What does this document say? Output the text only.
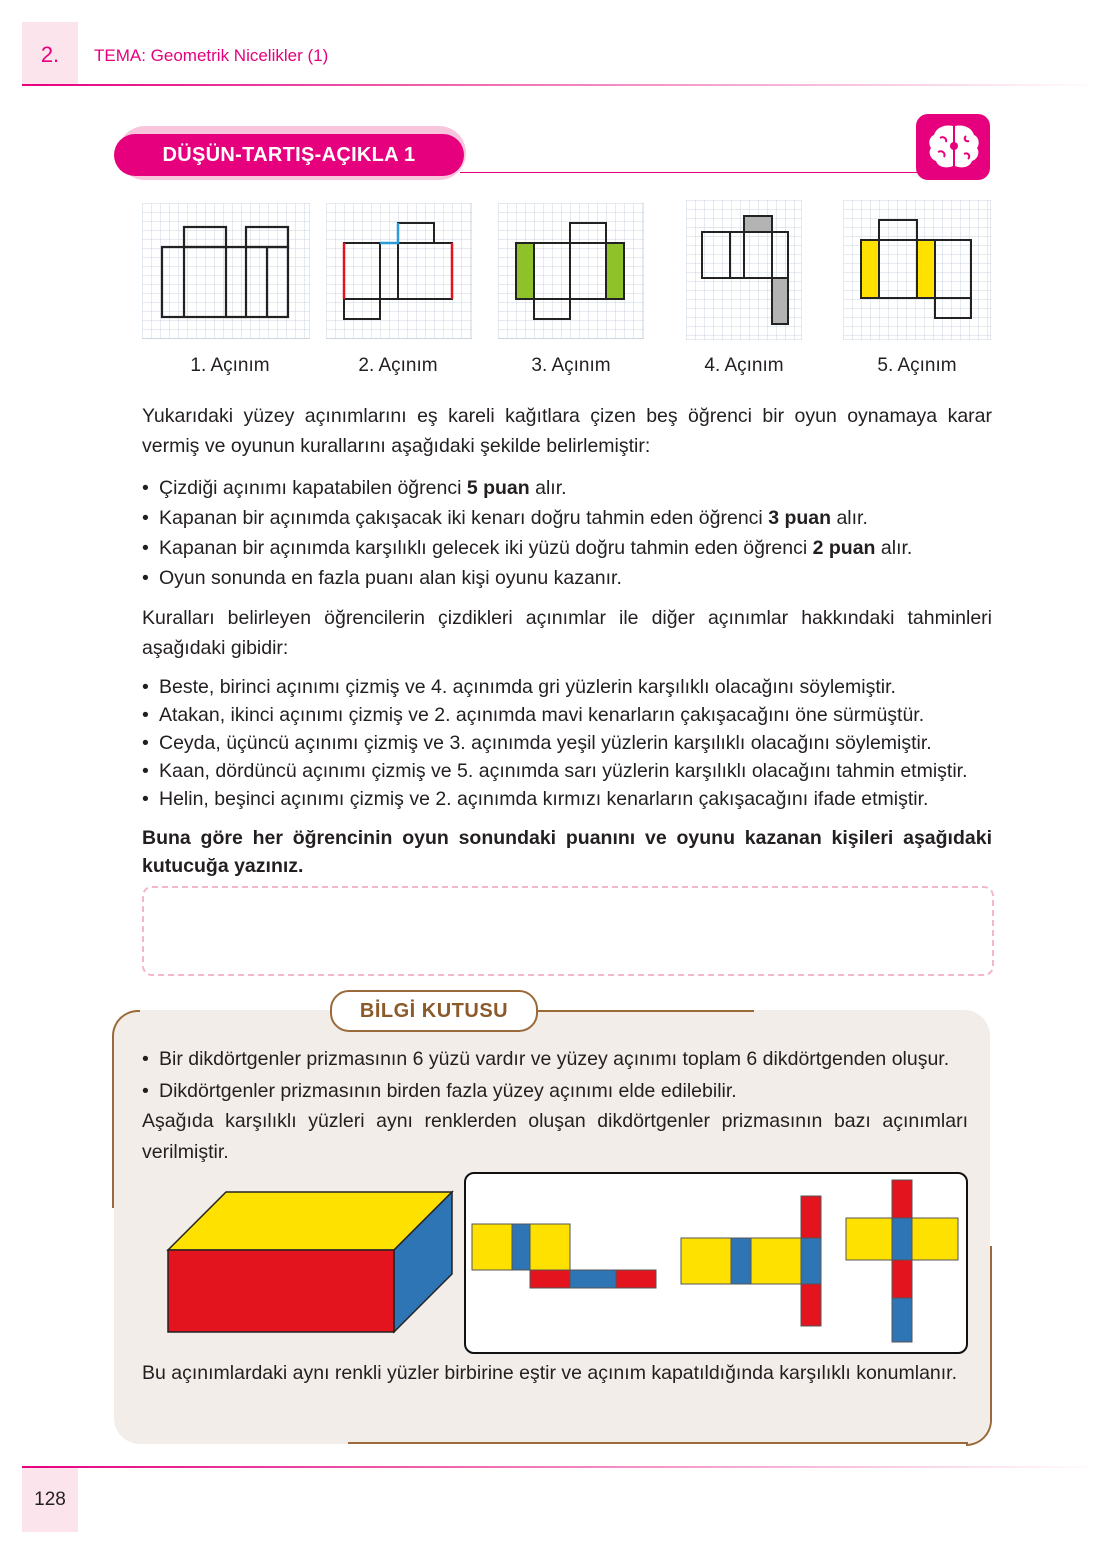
2.	TEMA: Geometrik Nicelikler (1)
DÜŞÜN-TARTIŞ-AÇIKLA 1
1. Açınım	2. Açınım	3. Açınım	4. Açınım	5. Açınım
Yukarıdaki yüzey açınımlarını eş kareli kağıtlara çizen beş öğrenci bir oyun oynamaya karar vermiş ve oyunun kurallarını aşağıdaki şekilde belirlemiştir:
• Çizdiği açınımı kapatabilen öğrenci 5 puan alır.
• Kapanan bir açınımda çakışacak iki kenarı doğru tahmin eden öğrenci 3 puan alır.
• Kapanan bir açınımda karşılıklı gelecek iki yüzü doğru tahmin eden öğrenci 2 puan alır.
• Oyun sonunda en fazla puanı alan kişi oyunu kazanır.
Kuralları belirleyen öğrencilerin çizdikleri açınımlar ile diğer açınımlar hakkındaki tahminleri aşağıdaki gibidir:
• Beste, birinci açınımı çizmiş ve 4. açınımda gri yüzlerin karşılıklı olacağını söylemiştir.
• Atakan, ikinci açınımı çizmiş ve 2. açınımda mavi kenarların çakışacağını öne sürmüştür.
• Ceyda, üçüncü açınımı çizmiş ve 3. açınımda yeşil yüzlerin karşılıklı olacağını söylemiştir.
• Kaan, dördüncü açınımı çizmiş ve 5. açınımda sarı yüzlerin karşılıklı olacağını tahmin etmiştir.
• Helin, beşinci açınımı çizmiş ve 2. açınımda kırmızı kenarların çakışacağını ifade etmiştir.
Buna göre her öğrencinin oyun sonundaki puanını ve oyunu kazanan kişileri aşağıdaki kutucuğa yazınız.
BİLGİ KUTUSU
• Bir dikdörtgenler prizmasının 6 yüzü vardır ve yüzey açınımı toplam 6 dikdörtgenden oluşur.
• Dikdörtgenler prizmasının birden fazla yüzey açınımı elde edilebilir.
Aşağıda karşılıklı yüzleri aynı renklerden oluşan dikdörtgenler prizmasının bazı açınımları verilmiştir.
Bu açınımlardaki aynı renkli yüzler birbirine eştir ve açınım kapatıldığında karşılıklı konumlanır.
128
